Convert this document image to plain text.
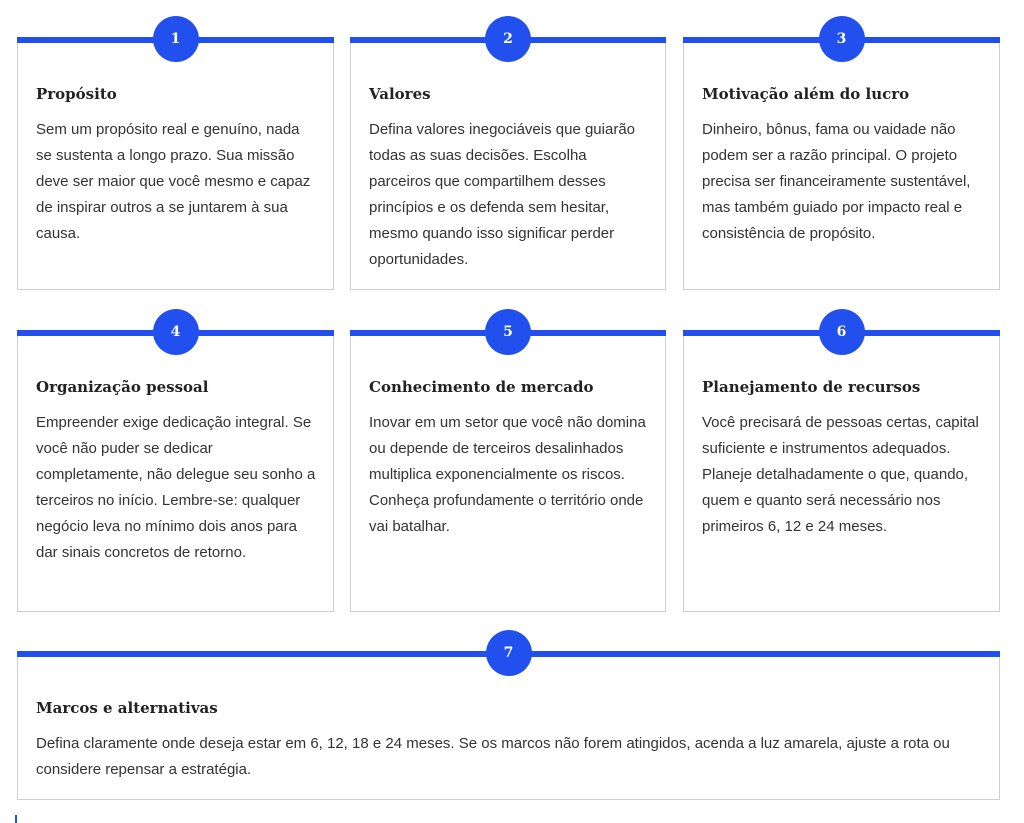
1
Propósito

Sem um propósito real e genuíno, nada se sustenta a longo prazo. Sua missão deve ser maior que você mesmo e capaz de inspirar outros a se juntarem à sua causa.

2
Valores

Defina valores inegociáveis que guiarão todas as suas decisões. Escolha parceiros que compartilhem desses princípios e os defenda sem hesitar, mesmo quando isso significar perder oportunidades.

3
Motivação além do lucro

Dinheiro, bônus, fama ou vaidade não podem ser a razão principal. O projeto precisa ser financeiramente sustentável, mas também guiado por impacto real e consistência de propósito.

4
Organização pessoal

Empreender exige dedicação integral. Se você não puder se dedicar completamente, não delegue seu sonho a terceiros no início. Lembre-se: qualquer negócio leva no mínimo dois anos para dar sinais concretos de retorno.

5
Conhecimento de mercado

Inovar em um setor que você não domina ou depende de terceiros desalinhados multiplica exponencialmente os riscos. Conheça profundamente o território onde vai batalhar.

6
Planejamento de recursos

Você precisará de pessoas certas, capital suficiente e instrumentos adequados. Planeje detalhadamente o que, quando, quem e quanto será necessário nos primeiros 6, 12 e 24 meses.

7
Marcos e alternativas

Defina claramente onde deseja estar em 6, 12, 18 e 24 meses. Se os marcos não forem atingidos, acenda a luz amarela, ajuste a rota ou considere repensar a estratégia.
